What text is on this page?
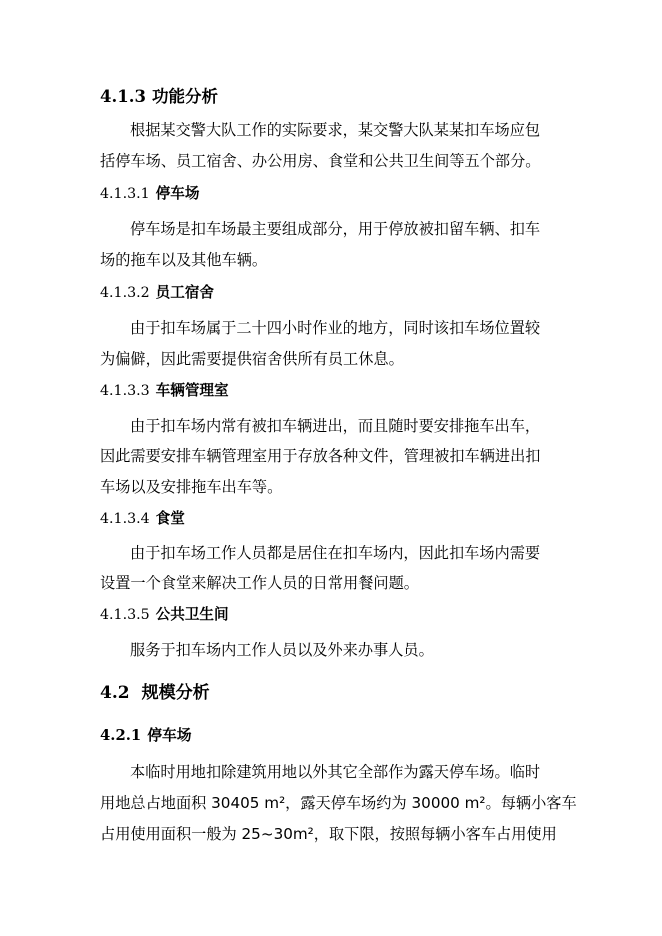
4.1.3 功能分析
根据某交警大队工作的实际要求，某交警大队某某扣车场应包
括停车场、员工宿舍、办公用房、食堂和公共卫生间等五个部分。
4.1.3.1 停车场
停车场是扣车场最主要组成部分，用于停放被扣留车辆、扣车
场的拖车以及其他车辆。
4.1.3.2 员工宿舍
由于扣车场属于二十四小时作业的地方，同时该扣车场位置较
为偏僻，因此需要提供宿舍供所有员工休息。
4.1.3.3 车辆管理室
由于扣车场内常有被扣车辆进出，而且随时要安排拖车出车，
因此需要安排车辆管理室用于存放各种文件，管理被扣车辆进出扣
车场以及安排拖车出车等。
4.1.3.4 食堂
由于扣车场工作人员都是居住在扣车场内，因此扣车场内需要
设置一个食堂来解决工作人员的日常用餐问题。
4.1.3.5 公共卫生间
服务于扣车场内工作人员以及外来办事人员。
4.2 规模分析
4.2.1 停车场
本临时用地扣除建筑用地以外其它全部作为露天停车场。临时
用地总占地面积 30405 m²，露天停车场约为 30000 m²。每辆小客车
占用使用面积一般为 25~30m²，取下限，按照每辆小客车占用使用
